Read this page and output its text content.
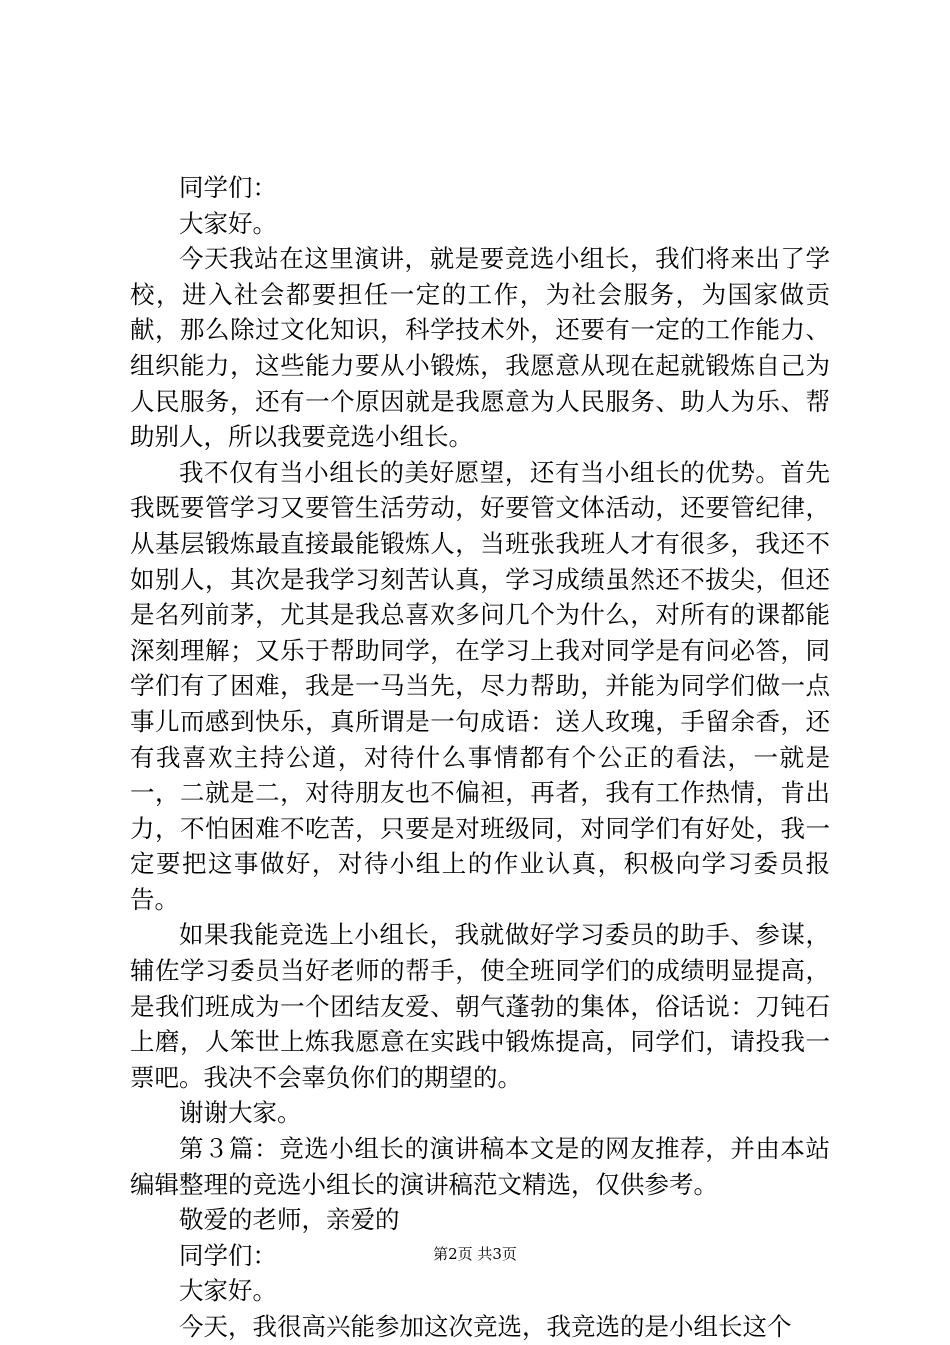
同学们：

大家好。

今天我站在这里演讲，就是要竞选小组长，我们将来出了学校，进入社会都要担任一定的工作，为社会服务，为国家做贡献，那么除过文化知识，科学技术外，还要有一定的工作能力、组织能力，这些能力要从小锻炼，我愿意从现在起就锻炼自己为人民服务，还有一个原因就是我愿意为人民服务、助人为乐、帮助别人，所以我要竞选小组长。

我不仅有当小组长的美好愿望，还有当小组长的优势。首先我既要管学习又要管生活劳动，好要管文体活动，还要管纪律，从基层锻炼最直接最能锻炼人，当班张我班人才有很多，我还不如别人，其次是我学习刻苦认真，学习成绩虽然还不拔尖，但还是名列前茅，尤其是我总喜欢多问几个为什么，对所有的课都能深刻理解；又乐于帮助同学，在学习上我对同学是有问必答，同学们有了困难，我是一马当先，尽力帮助，并能为同学们做一点事儿而感到快乐，真所谓是一句成语：送人玫瑰，手留余香，还有我喜欢主持公道，对待什么事情都有个公正的看法，一就是一，二就是二，对待朋友也不偏袒，再者，我有工作热情，肯出力，不怕困难不吃苦，只要是对班级同，对同学们有好处，我一定要把这事做好，对待小组上的作业认真，积极向学习委员报告。

如果我能竞选上小组长，我就做好学习委员的助手、参谋，辅佐学习委员当好老师的帮手，使全班同学们的成绩明显提高，是我们班成为一个团结友爱、朝气蓬勃的集体，俗话说：刀钝石上磨，人笨世上炼我愿意在实践中锻炼提高，同学们，请投我一票吧。我决不会辜负你们的期望的。

谢谢大家。

第３篇：竞选小组长的演讲稿本文是的网友推荐，并由本站编辑整理的竞选小组长的演讲稿范文精选，仅供参考。

敬爱的老师，亲爱的

同学们：

大家好。

今天，我很高兴能参加这次竞选，我竞选的是小组长这个

第2页 共3页
